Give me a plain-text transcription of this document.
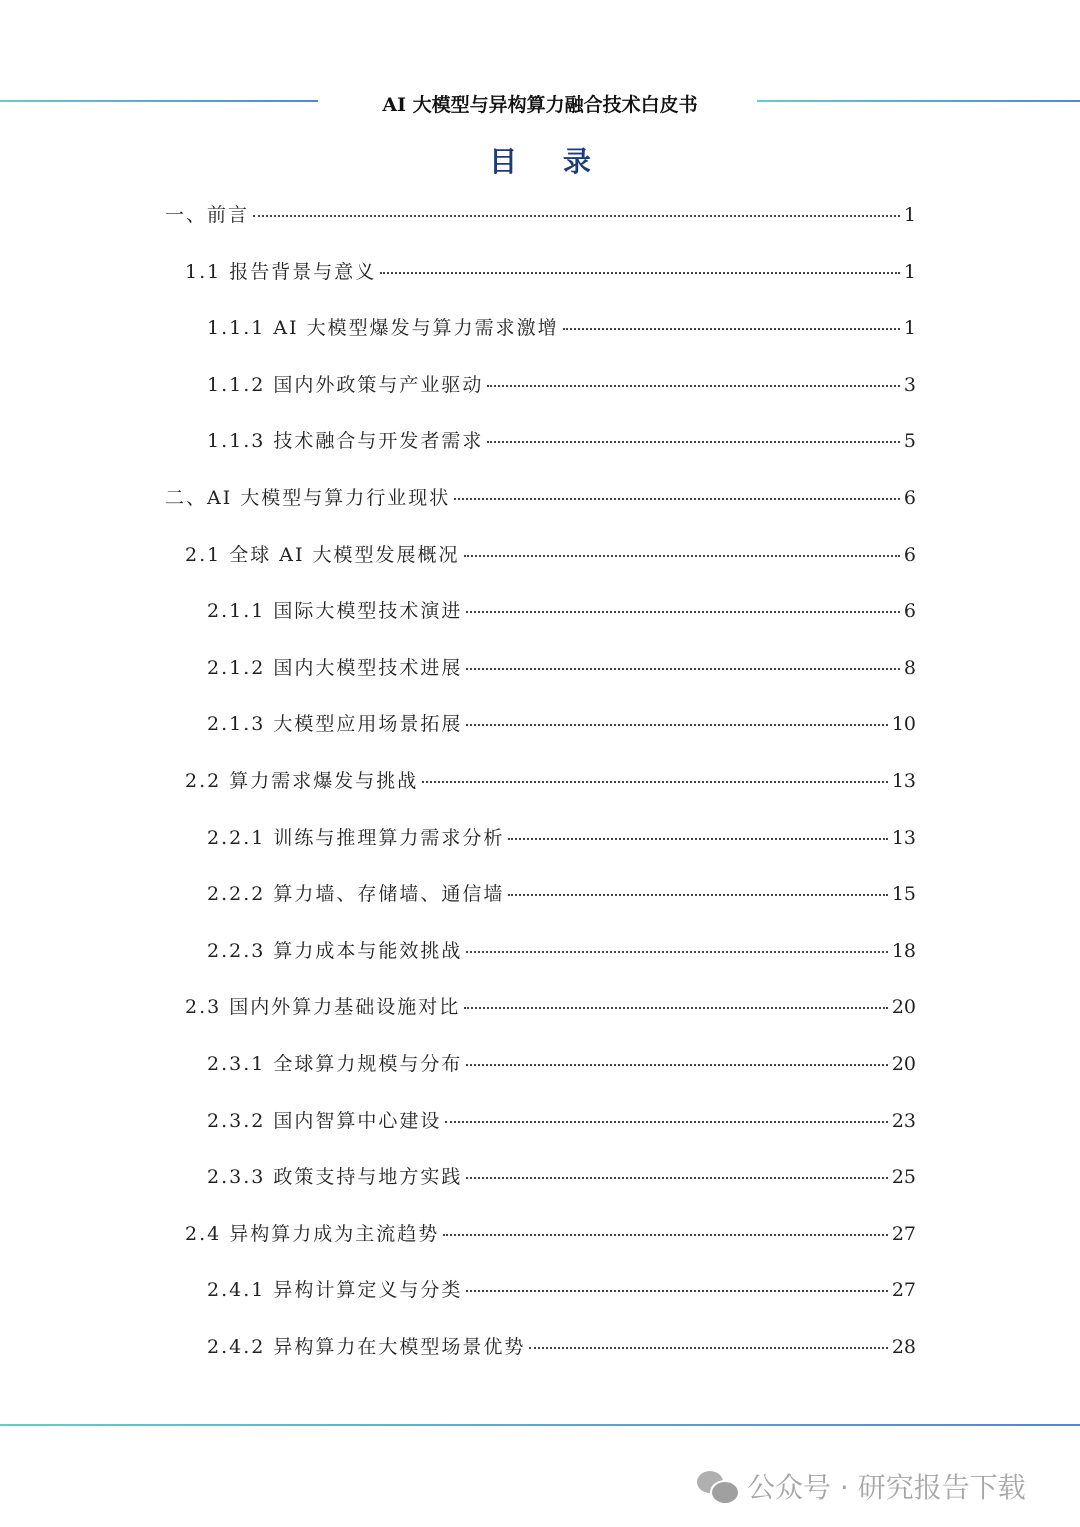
AI 大模型与异构算力融合技术白皮书
目 录
一、前言	1
1.1 报告背景与意义	1
1.1.1 AI 大模型爆发与算力需求激增	1
1.1.2 国内外政策与产业驱动	3
1.1.3 技术融合与开发者需求	5
二、AI 大模型与算力行业现状	6
2.1 全球 AI 大模型发展概况	6
2.1.1 国际大模型技术演进	6
2.1.2 国内大模型技术进展	8
2.1.3 大模型应用场景拓展	10
2.2 算力需求爆发与挑战	13
2.2.1 训练与推理算力需求分析	13
2.2.2 算力墙、存储墙、通信墙	15
2.2.3 算力成本与能效挑战	18
2.3 国内外算力基础设施对比	20
2.3.1 全球算力规模与分布	20
2.3.2 国内智算中心建设	23
2.3.3 政策支持与地方实践	25
2.4 异构算力成为主流趋势	27
2.4.1 异构计算定义与分类	27
2.4.2 异构算力在大模型场景优势	28
公众号 · 研究报告下载
